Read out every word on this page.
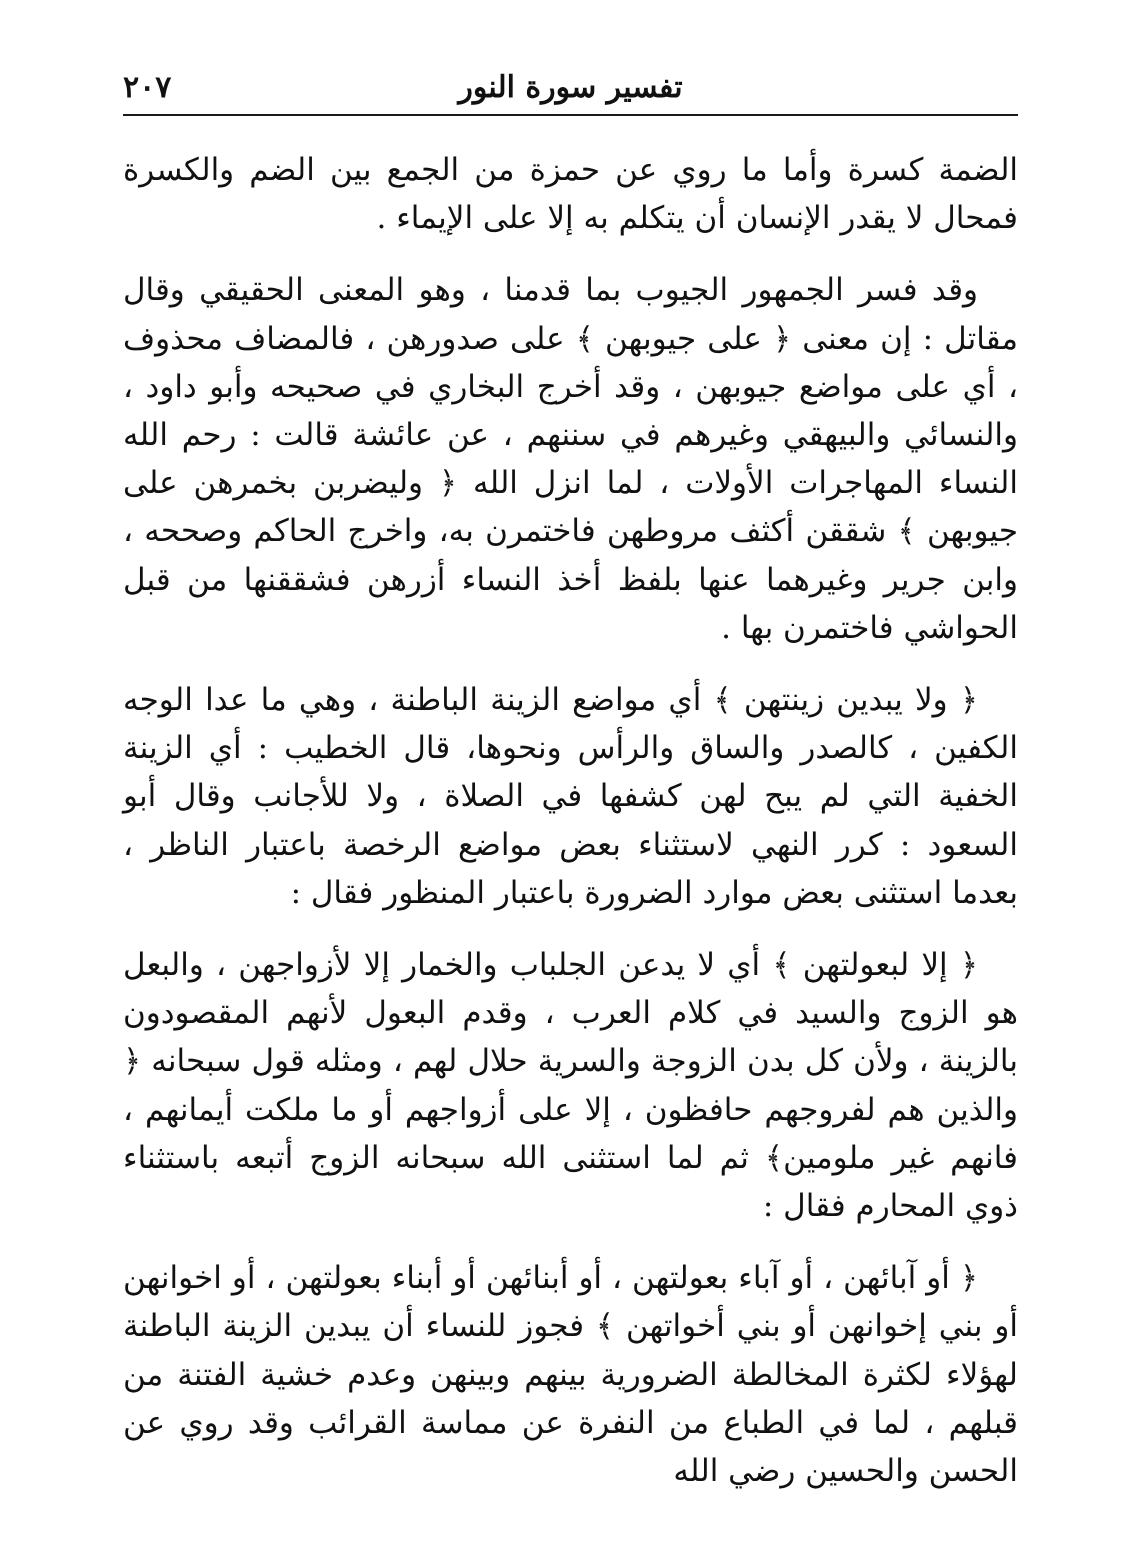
تفسير سورة النور
٢٠٧

الضمة كسرة وأما ما روي عن حمزة من الجمع بين الضم والكسرة فمحال لا يقدر الإنسان أن يتكلم به إلا على الإيماء .

وقد فسر الجمهور الجيوب بما قدمنا ، وهو المعنى الحقيقي وقال مقاتل : إن معنى ﴿ على جيوبهن ﴾ على صدورهن ، فالمضاف محذوف ، أي على مواضع جيوبهن ، وقد أخرج البخاري في صحيحه وأبو داود ، والنسائي والبيهقي وغيرهم في سننهم ، عن عائشة قالت : رحم الله النساء المهاجرات الأولات ، لما انزل الله ﴿ وليضربن بخمرهن على جيوبهن ﴾ شققن أكثف مروطهن فاختمرن به، واخرج الحاكم وصححه ، وابن جرير وغيرهما عنها بلفظ أخذ النساء أزرهن فشققنها من قبل الحواشي فاختمرن بها .

﴿ ولا يبدين زينتهن ﴾ أي مواضع الزينة الباطنة ، وهي ما عدا الوجه الكفين ، كالصدر والساق والرأس ونحوها، قال الخطيب : أي الزينة الخفية التي لم يبح لهن كشفها في الصلاة ، ولا للأجانب وقال أبو السعود : كرر النهي لاستثناء بعض مواضع الرخصة باعتبار الناظر ، بعدما استثنى بعض موارد الضرورة باعتبار المنظور فقال :

﴿ إلا لبعولتهن ﴾ أي لا يدعن الجلباب والخمار إلا لأزواجهن ، والبعل هو الزوج والسيد في كلام العرب ، وقدم البعول لأنهم المقصودون بالزينة ، ولأن كل بدن الزوجة والسرية حلال لهم ، ومثله قول سبحانه ﴿ والذين هم لفروجهم حافظون ، إلا على أزواجهم أو ما ملكت أيمانهم ، فانهم غير ملومين﴾ ثم لما استثنى الله سبحانه الزوج أتبعه باستثناء ذوي المحارم فقال :

﴿ أو آبائهن ، أو آباء بعولتهن ، أو أبنائهن أو أبناء بعولتهن ، أو اخوانهن أو بني إخوانهن أو بني أخواتهن ﴾ فجوز للنساء أن يبدين الزينة الباطنة لهؤلاء لكثرة المخالطة الضرورية بينهم وبينهن وعدم خشية الفتنة من قبلهم ، لما في الطباع من النفرة عن مماسة القرائب وقد روي عن الحسن والحسين رضي الله
